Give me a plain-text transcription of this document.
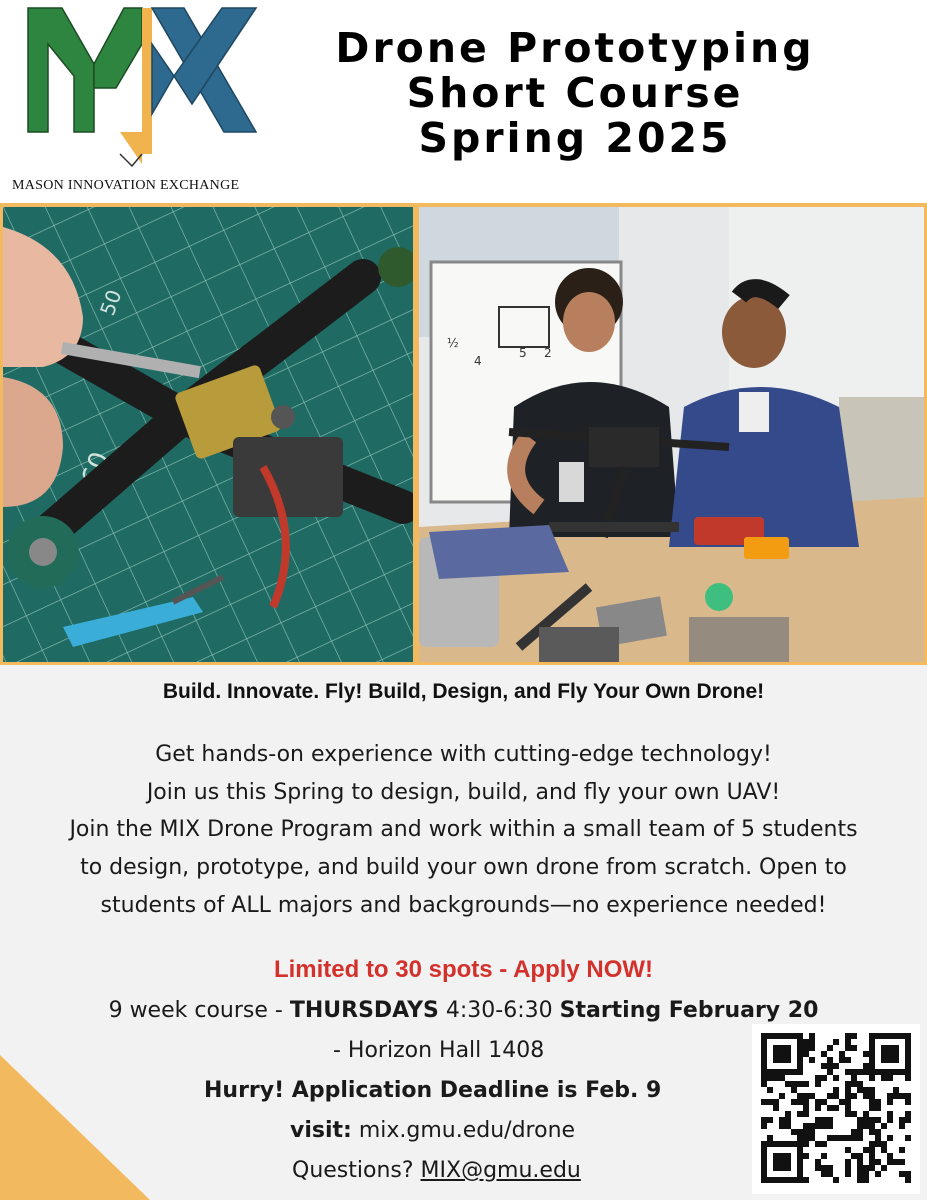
MASON INNOVATION EXCHANGE
Drone Prototyping
Short Course
Spring 2025
60
50
4
5 2
½
Build. Innovate. Fly! Build, Design, and Fly Your Own Drone!
Get hands-on experience with cutting-edge technology!
Join us this Spring to design, build, and fly your own UAV!
Join the MIX Drone Program and work within a small team of 5 students
to design, prototype, and build your own drone from scratch. Open to
students of ALL majors and backgrounds—no experience needed!
Limited to 30 spots - Apply NOW!
9 week course - THURSDAYS 4:30-6:30 Starting February 20
- Horizon Hall 1408
Hurry! Application Deadline is Feb. 9
visit: mix.gmu.edu/drone
Questions? MIX@gmu.edu
